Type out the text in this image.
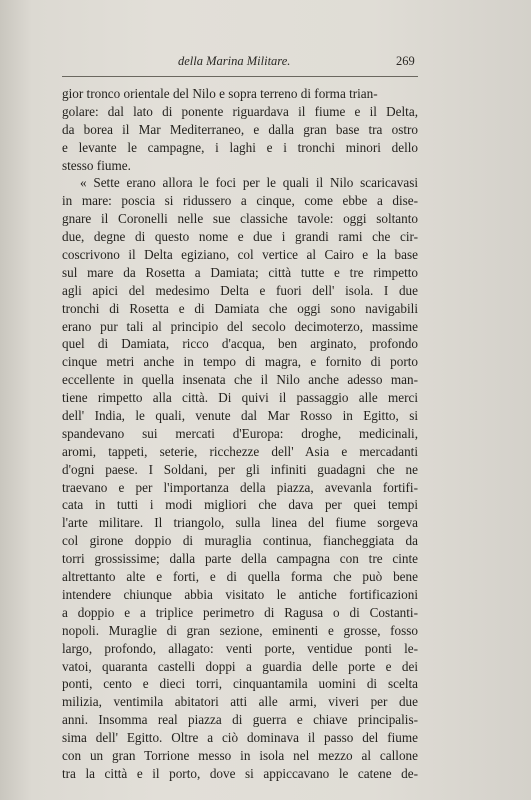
della Marina Militare.	269
gior tronco orientale del Nilo e sopra terreno di forma trian-
golare: dal lato di ponente riguardava il fiume e il Delta,
da borea il Mar Mediterraneo, e dalla gran base tra ostro
e levante le campagne, i laghi e i tronchi minori dello
stesso fiume.
« Sette erano allora le foci per le quali il Nilo scaricavasi
in mare: poscia si ridussero a cinque, come ebbe a dise-
gnare il Coronelli nelle sue classiche tavole: oggi soltanto
due, degne di questo nome e due i grandi rami che cir-
coscrivono il Delta egiziano, col vertice al Cairo e la base
sul mare da Rosetta a Damiata; città tutte e tre rimpetto
agli apici del medesimo Delta e fuori dell' isola. I due
tronchi di Rosetta e di Damiata che oggi sono navigabili
erano pur tali al principio del secolo decimoterzo, massime
quel di Damiata, ricco d'acqua, ben arginato, profondo
cinque metri anche in tempo di magra, e fornito di porto
eccellente in quella insenata che il Nilo anche adesso man-
tiene rimpetto alla città. Di quivi il passaggio alle merci
dell' India, le quali, venute dal Mar Rosso in Egitto, si
spandevano sui mercati d'Europa: droghe, medicinali,
aromi, tappeti, seterie, ricchezze dell' Asia e mercadanti
d'ogni paese. I Soldani, per gli infiniti guadagni che ne
traevano e per l'importanza della piazza, avevanla fortifi-
cata in tutti i modi migliori che dava per quei tempi
l'arte militare. Il triangolo, sulla linea del fiume sorgeva
col girone doppio di muraglia continua, fiancheggiata da
torri grossissime; dalla parte della campagna con tre cinte
altrettanto alte e forti, e di quella forma che può bene
intendere chiunque abbia visitato le antiche fortificazioni
a doppio e a triplice perimetro di Ragusa o di Costanti-
nopoli. Muraglie di gran sezione, eminenti e grosse, fosso
largo, profondo, allagato: venti porte, ventidue ponti le-
vatoi, quaranta castelli doppi a guardia delle porte e dei
ponti, cento e dieci torri, cinquantamila uomini di scelta
milizia, ventimila abitatori atti alle armi, viveri per due
anni. Insomma real piazza di guerra e chiave principalis-
sima dell' Egitto. Oltre a ciò dominava il passo del fiume
con un gran Torrione messo in isola nel mezzo al callone
tra la città e il porto, dove si appiccavano le catene de-
